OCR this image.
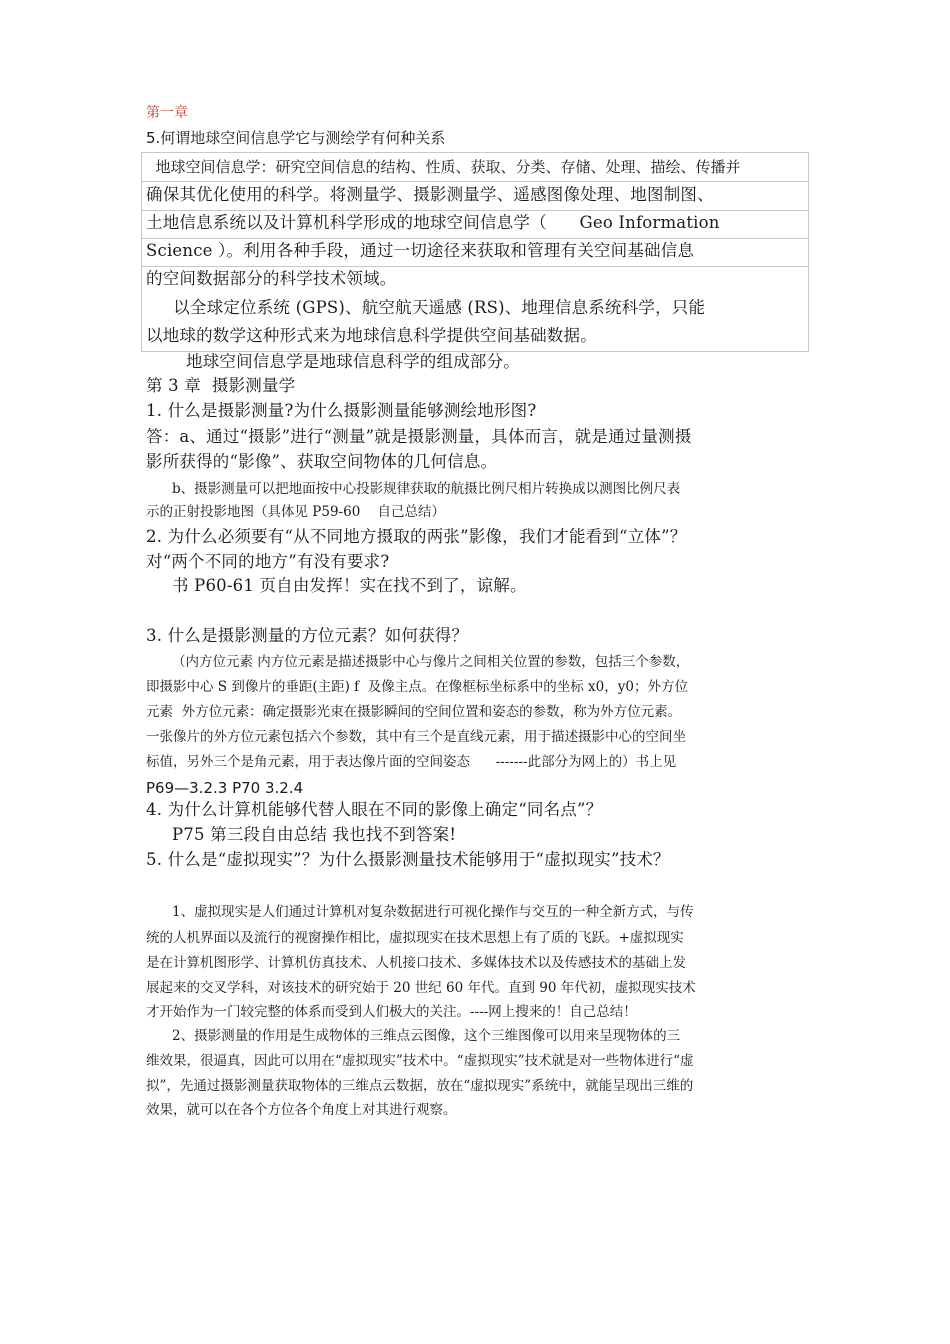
第一章
5.何谓地球空间信息学它与测绘学有何种关系
地球空间信息学：研究空间信息的结构、性质、获取、分类、存储、处理、描绘、传播并
确保其优化使用的科学。将测量学、摄影测量学、遥感图像处理、地图制图、
土地信息系统以及计算机科学形成的地球空间信息学（      Geo Information
Science ）。利用各种手段，通过一切途径来获取和管理有关空间基础信息
的空间数据部分的科学技术领域。
以全球定位系统 (GPS)、航空航天遥感 (RS)、地理信息系统科学，只能
以地球的数学这种形式来为地球信息科学提供空间基础数据。
地球空间信息学是地球信息科学的组成部分。
第 3 章  摄影测量学
1. 什么是摄影测量?为什么摄影测量能够测绘地形图?
答：a、通过“摄影”进行“测量”就是摄影测量，具体而言，就是通过量测摄
影所获得的“影像”、获取空间物体的几何信息。
b、摄影测量可以把地面按中心投影规律获取的航摄比例尺相片转换成以测图比例尺表
示的正射投影地图（具体见 P59-60    自己总结）
2. 为什么必须要有“从不同地方摄取的两张”影像，我们才能看到“立体”？
对“两个不同的地方”有没有要求?
书 P60-61 页自由发挥！实在找不到了，谅解。
3. 什么是摄影测量的方位元素？如何获得？
（内方位元素 内方位元素是描述摄影中心与像片之间相关位置的参数，包括三个参数，
即摄影中心 S 到像片的垂距(主距) f  及像主点。在像框标坐标系中的坐标 x0，y0；外方位
元素  外方位元素：确定摄影光束在摄影瞬间的空间位置和姿态的参数，称为外方位元素。
一张像片的外方位元素包括六个参数，其中有三个是直线元素，用于描述摄影中心的空间坐
标值，另外三个是角元素，用于表达像片面的空间姿态      -------此部分为网上的）书上见
P69—3.2.3 P70 3.2.4
4. 为什么计算机能够代替人眼在不同的影像上确定“同名点”？
P75 第三段自由总结 我也找不到答案!
5. 什么是“虚拟现实”？为什么摄影测量技术能够用于“虚拟现实”技术？
1、虚拟现实是人们通过计算机对复杂数据进行可视化操作与交互的一种全新方式，与传
统的人机界面以及流行的视窗操作相比，虚拟现实在技术思想上有了质的飞跃。+虚拟现实
是在计算机图形学、计算机仿真技术、人机接口技术、多媒体技术以及传感技术的基础上发
展起来的交叉学科，对该技术的研究始于 20 世纪 60 年代。直到 90 年代初，虚拟现实技术
才开始作为一门较完整的体系而受到人们极大的关注。----网上搜来的！自己总结！
2、摄影测量的作用是生成物体的三维点云图像，这个三维图像可以用来呈现物体的三
维效果，很逼真，因此可以用在“虚拟现实”技术中。“虚拟现实”技术就是对一些物体进行“虚
拟”，先通过摄影测量获取物体的三维点云数据，放在“虚拟现实”系统中，就能呈现出三维的
效果，就可以在各个方位各个角度上对其进行观察。
